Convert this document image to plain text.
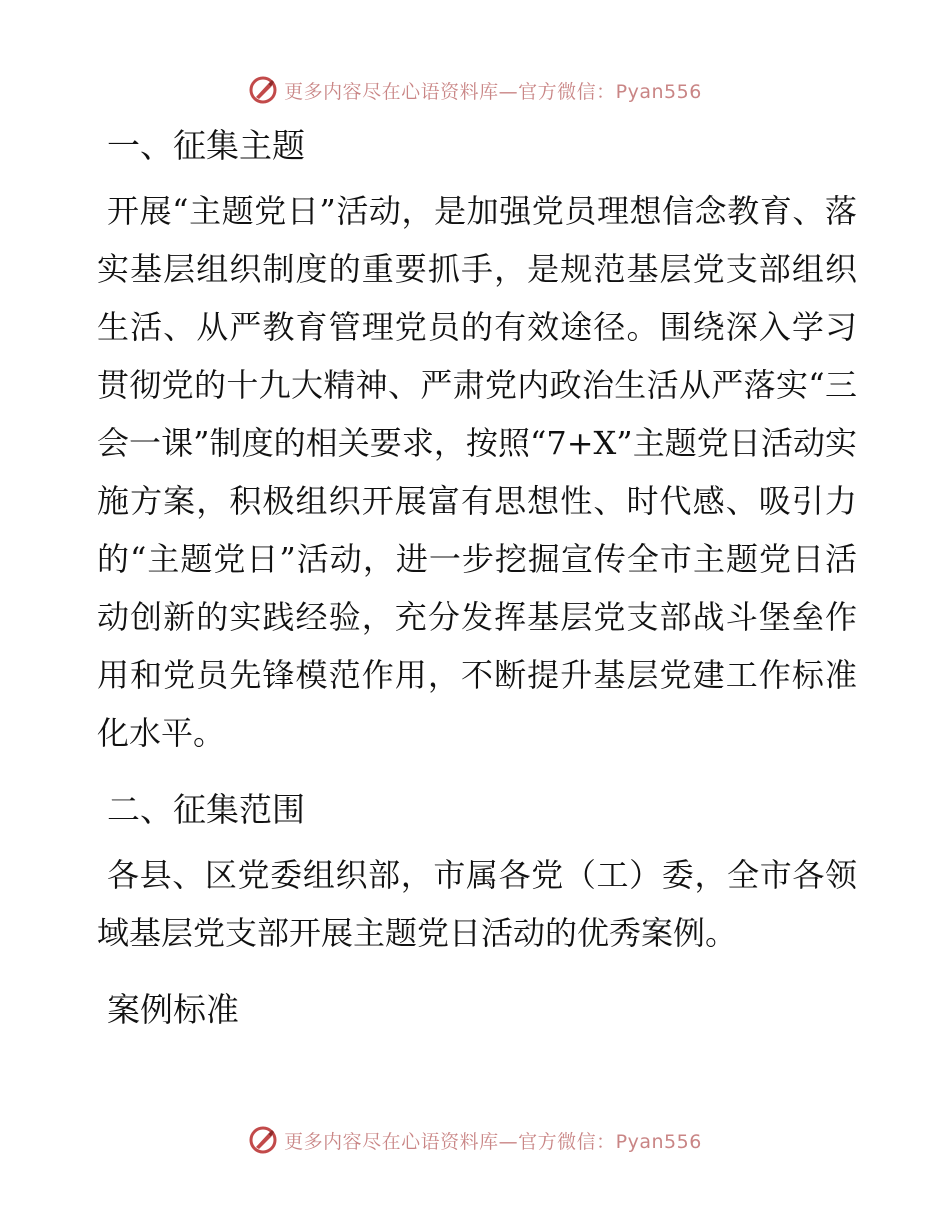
更多内容尽在心语资料库—官方微信：Pyan556
一、征集主题

开展“主题党日”活动，是加强党员理想信念教育、落实基层组织制度的重要抓手，是规范基层党支部组织生活、从严教育管理党员的有效途径。围绕深入学习贯彻党的十九大精神、严肃党内政治生活从严落实“三会一课”制度的相关要求，按照“7+X”主题党日活动实施方案，积极组织开展富有思想性、时代感、吸引力的“主题党日”活动，进一步挖掘宣传全市主题党日活动创新的实践经验，充分发挥基层党支部战斗堡垒作用和党员先锋模范作用，不断提升基层党建工作标准化水平。

二、征集范围

各县、区党委组织部，市属各党（工）委，全市各领域基层党支部开展主题党日活动的优秀案例。

案例标准
更多内容尽在心语资料库—官方微信：Pyan556
